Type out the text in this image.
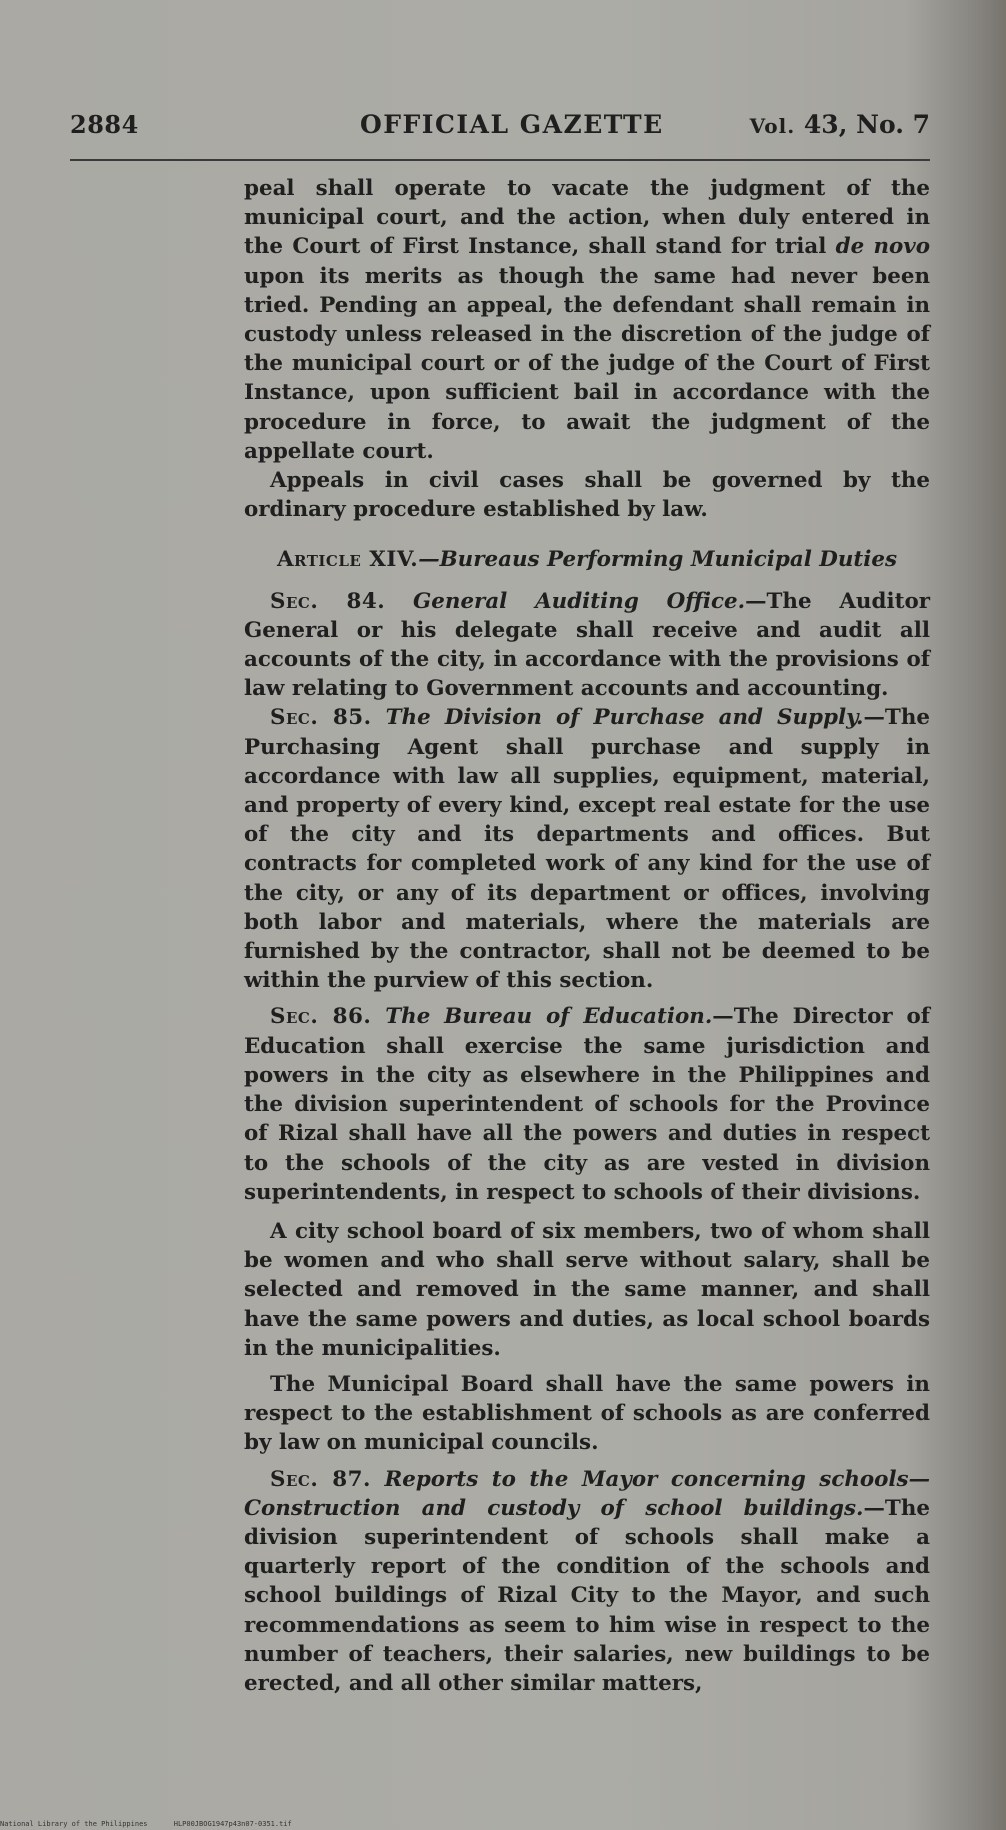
2884	OFFICIAL GAZETTE	Vol. 43, No. 7

peal shall operate to vacate the judgment of the municipal court, and the action, when duly entered in the Court of First Instance, shall stand for trial de novo upon its merits as though the same had never been tried. Pending an appeal, the defendant shall remain in custody unless released in the discretion of the judge of the municipal court or of the judge of the Court of First Instance, upon sufficient bail in accordance with the procedure in force, to await the judgment of the appellate court.

Appeals in civil cases shall be governed by the ordinary procedure established by law.

Article XIV.—Bureaus Performing Municipal Duties

Sec. 84. General Auditing Office.—The Auditor General or his delegate shall receive and audit all accounts of the city, in accordance with the provisions of law relating to Government accounts and accounting.

Sec. 85. The Division of Purchase and Supply.—The Purchasing Agent shall purchase and supply in accordance with law all supplies, equipment, material, and property of every kind, except real estate for the use of the city and its departments and offices. But contracts for completed work of any kind for the use of the city, or any of its department or offices, involving both labor and materials, where the materials are furnished by the contractor, shall not be deemed to be within the purview of this section.

Sec. 86. The Bureau of Education.—The Director of Education shall exercise the same jurisdiction and powers in the city as elsewhere in the Philippines and the division superintendent of schools for the Province of Rizal shall have all the powers and duties in respect to the schools of the city as are vested in division superintendents, in respect to schools of their divisions.

A city school board of six members, two of whom shall be women and who shall serve without salary, shall be selected and removed in the same manner, and shall have the same powers and duties, as local school boards in the municipalities.

The Municipal Board shall have the same powers in respect to the establishment of schools as are conferred by law on municipal councils.

Sec. 87. Reports to the Mayor concerning schools—Construction and custody of school buildings.—The division superintendent of schools shall make a quarterly report of the condition of the schools and school buildings of Rizal City to the Mayor, and such recommendations as seem to him wise in respect to the number of teachers, their salaries, new buildings to be erected, and all other similar matters,

National Library of the Philippines	HLP00JBOG1947p43n07-0351.tif
